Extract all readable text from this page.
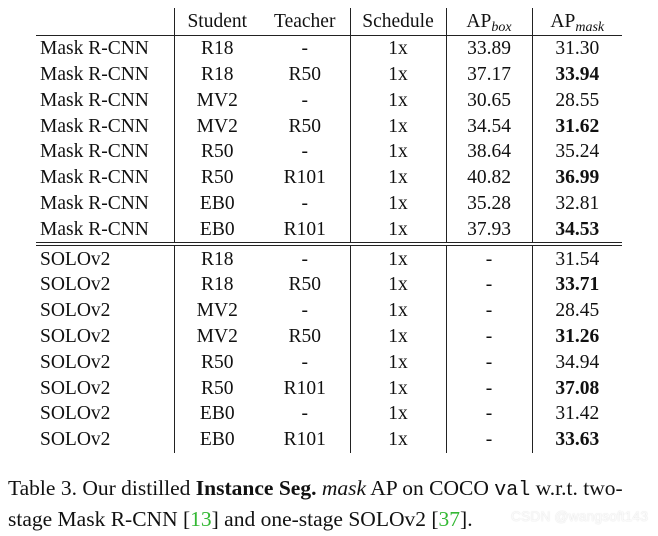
	Student	Teacher	Schedule	$AP_{box}$	$AP_{mask}$
Mask R-CNN	R18	-	1x	33.89	31.30
Mask R-CNN	R18	R50	1x	37.17	33.94
Mask R-CNN	MV2	-	1x	30.65	28.55
Mask R-CNN	MV2	R50	1x	34.54	31.62
Mask R-CNN	R50	-	1x	38.64	35.24
Mask R-CNN	R50	R101	1x	40.82	36.99
Mask R-CNN	EB0	-	1x	35.28	32.81
Mask R-CNN	EB0	R101	1x	37.93	34.53
SOLOv2	R18	-	1x	-	31.54
SOLOv2	R18	R50	1x	-	33.71
SOLOv2	MV2	-	1x	-	28.45
SOLOv2	MV2	R50	1x	-	31.26
SOLOv2	R50	-	1x	-	34.94
SOLOv2	R50	R101	1x	-	37.08
SOLOv2	EB0	-	1x	-	31.42
SOLOv2	EB0	R101	1x	-	33.63
Table 3. Our distilled Instance Seg. mask AP on COCO val w.r.t. two-stage Mask R-CNN [13] and one-stage SOLOv2 [37].	CSDN @wangsoft143
